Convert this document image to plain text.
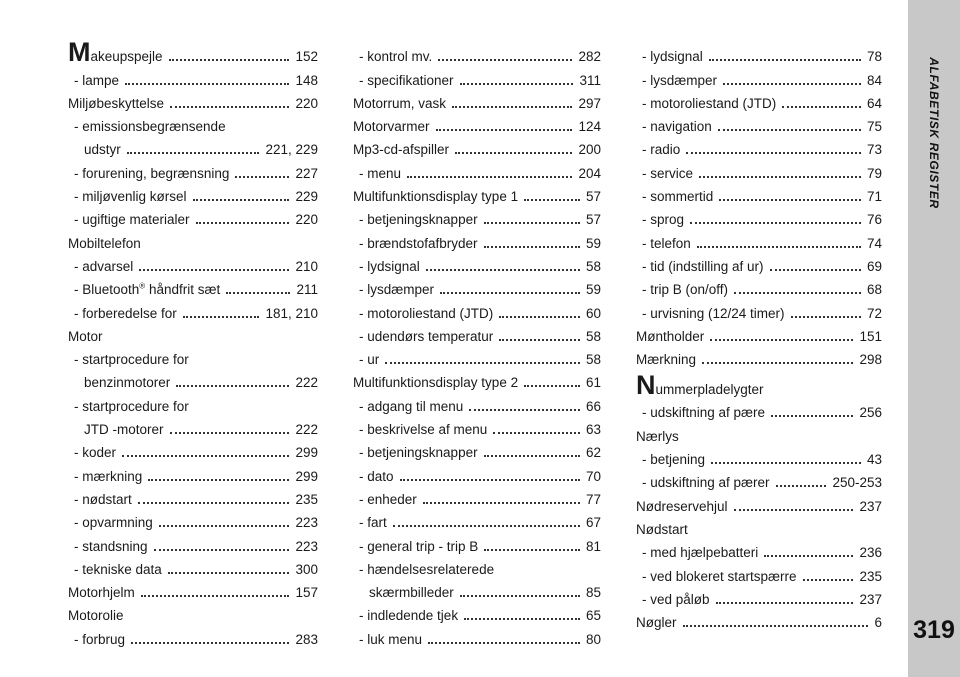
ALFABETISK REGISTER
319
Makeupspejle	152
- lampe	148
Miljøbeskyttelse	220
- emissionsbegrænsende
udstyr	221, 229
- forurening, begrænsning	227
- miljøvenlig kørsel	229
- ugiftige materialer	220
Mobiltelefon
- advarsel	210
- Bluetooth® håndfrit sæt	211
- forberedelse for	181, 210
Motor
- startprocedure for
benzinmotorer	222
- startprocedure for
JTD -motorer	222
- koder	299
- mærkning	299
- nødstart	235
- opvarmning	223
- standsning	223
- tekniske data	300
Motorhjelm	157
Motorolie
- forbrug	283
- kontrol mv.	282
- specifikationer	311
Motorrum, vask	297
Motorvarmer	124
Mp3-cd-afspiller	200
- menu	204
Multifunktionsdisplay type 1	57
- betjeningsknapper	57
- brændstofafbryder	59
- lydsignal	58
- lysdæmper	59
- motoroliestand (JTD)	60
- udendørs temperatur	58
- ur	58
Multifunktionsdisplay type 2	61
- adgang til menu	66
- beskrivelse af menu	63
- betjeningsknapper	62
- dato	70
- enheder	77
- fart	67
- general trip - trip B	81
- hændelsesrelaterede
skærmbilleder	85
- indledende tjek	65
- luk menu	80
- lydsignal	78
- lysdæmper	84
- motoroliestand (JTD)	64
- navigation	75
- radio	73
- service	79
- sommertid	71
- sprog	76
- telefon	74
- tid (indstilling af ur)	69
- trip B (on/off)	68
- urvisning (12/24 timer)	72
Møntholder	151
Mærkning	298
Nummerpladelygter
- udskiftning af pære	256
Nærlys
- betjening	43
- udskiftning af pærer	250-253
Nødreservehjul	237
Nødstart
- med hjælpebatteri	236
- ved blokeret startspærre	235
- ved påløb	237
Nøgler	6
